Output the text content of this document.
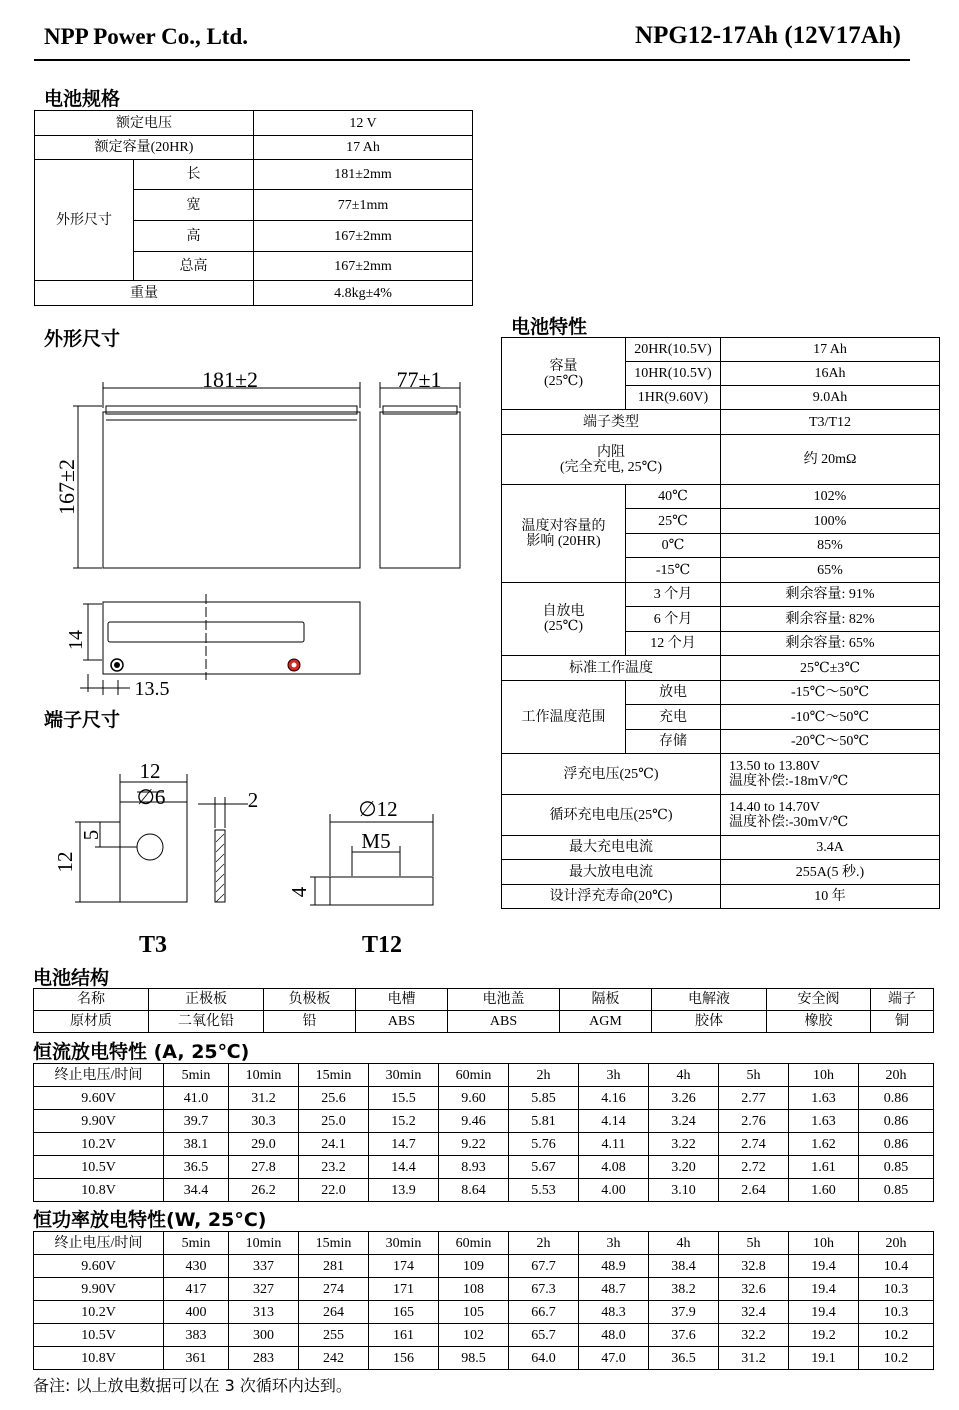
NPP Power Co., Ltd.	NPG12-17Ah (12V17Ah)
电池规格
额定电压		12 V
额定容量(20HR)		17 Ah
外形尺寸	长	181±2mm
	宽	77±1mm
	高	167±2mm
	总高	167±2mm
重量		4.8kg±4%
外形尺寸
181±2	77±1
167±2
14
13.5
端子尺寸
12
∅6	2
5
12
T3
∅12
M5
4
T12
电池特性
容量
(25℃)	20HR(10.5V)	17 Ah
	10HR(10.5V)	16Ah
	1HR(9.60V)	9.0Ah
端子类型		T3/T12

内阻
(完全充电, 25℃)		约 20mΩ

温度对容量的
影响 (20HR)	40℃	102%
	25℃	100%
	0℃	85%
	-15℃	65%

自放电
(25℃)	3 个月	剩余容量: 91%
	6 个月	剩余容量: 82%
	12 个月	剩余容量: 65%
标准工作温度		25℃±3℃
工作温度范围	放电	-15℃～50℃
	充电	-10℃～50℃
	存储	-20℃～50℃
浮充电压(25℃)		13.50 to 13.80V
温度补偿:-18mV/℃

循环充电电压(25℃)		14.40 to 14.70V
温度补偿:-30mV/℃

最大充电电流		3.4A
最大放电电流		255A(5 秒.)
设计浮充寿命(20℃)		10 年
电池结构
名称	正极板	负极板	电槽	电池盖	隔板	电解液	安全阀	端子
原材质	二氧化铅	铅	ABS	ABS	AGM	胶体	橡胶	铜
恒流放电特性 (A, 25℃)
终止电压/时间	5min	10min	15min	30min	60min	2h	3h	4h	5h	10h	20h
9.60V	41.0	31.2	25.6	15.5	9.60	5.85	4.16	3.26	2.77	1.63	0.86
9.90V	39.7	30.3	25.0	15.2	9.46	5.81	4.14	3.24	2.76	1.63	0.86
10.2V	38.1	29.0	24.1	14.7	9.22	5.76	4.11	3.22	2.74	1.62	0.86
10.5V	36.5	27.8	23.2	14.4	8.93	5.67	4.08	3.20	2.72	1.61	0.85
10.8V	34.4	26.2	22.0	13.9	8.64	5.53	4.00	3.10	2.64	1.60	0.85
恒功率放电特性(W, 25°C)
终止电压/时间	5min	10min	15min	30min	60min	2h	3h	4h	5h	10h	20h
9.60V	430	337	281	174	109	67.7	48.9	38.4	32.8	19.4	10.4
9.90V	417	327	274	171	108	67.3	48.7	38.2	32.6	19.4	10.3
10.2V	400	313	264	165	105	66.7	48.3	37.9	32.4	19.4	10.3
10.5V	383	300	255	161	102	65.7	48.0	37.6	32.2	19.2	10.2
10.8V	361	283	242	156	98.5	64.0	47.0	36.5	31.2	19.1	10.2
备注: 以上放电数据可以在 3 次循环内达到。
